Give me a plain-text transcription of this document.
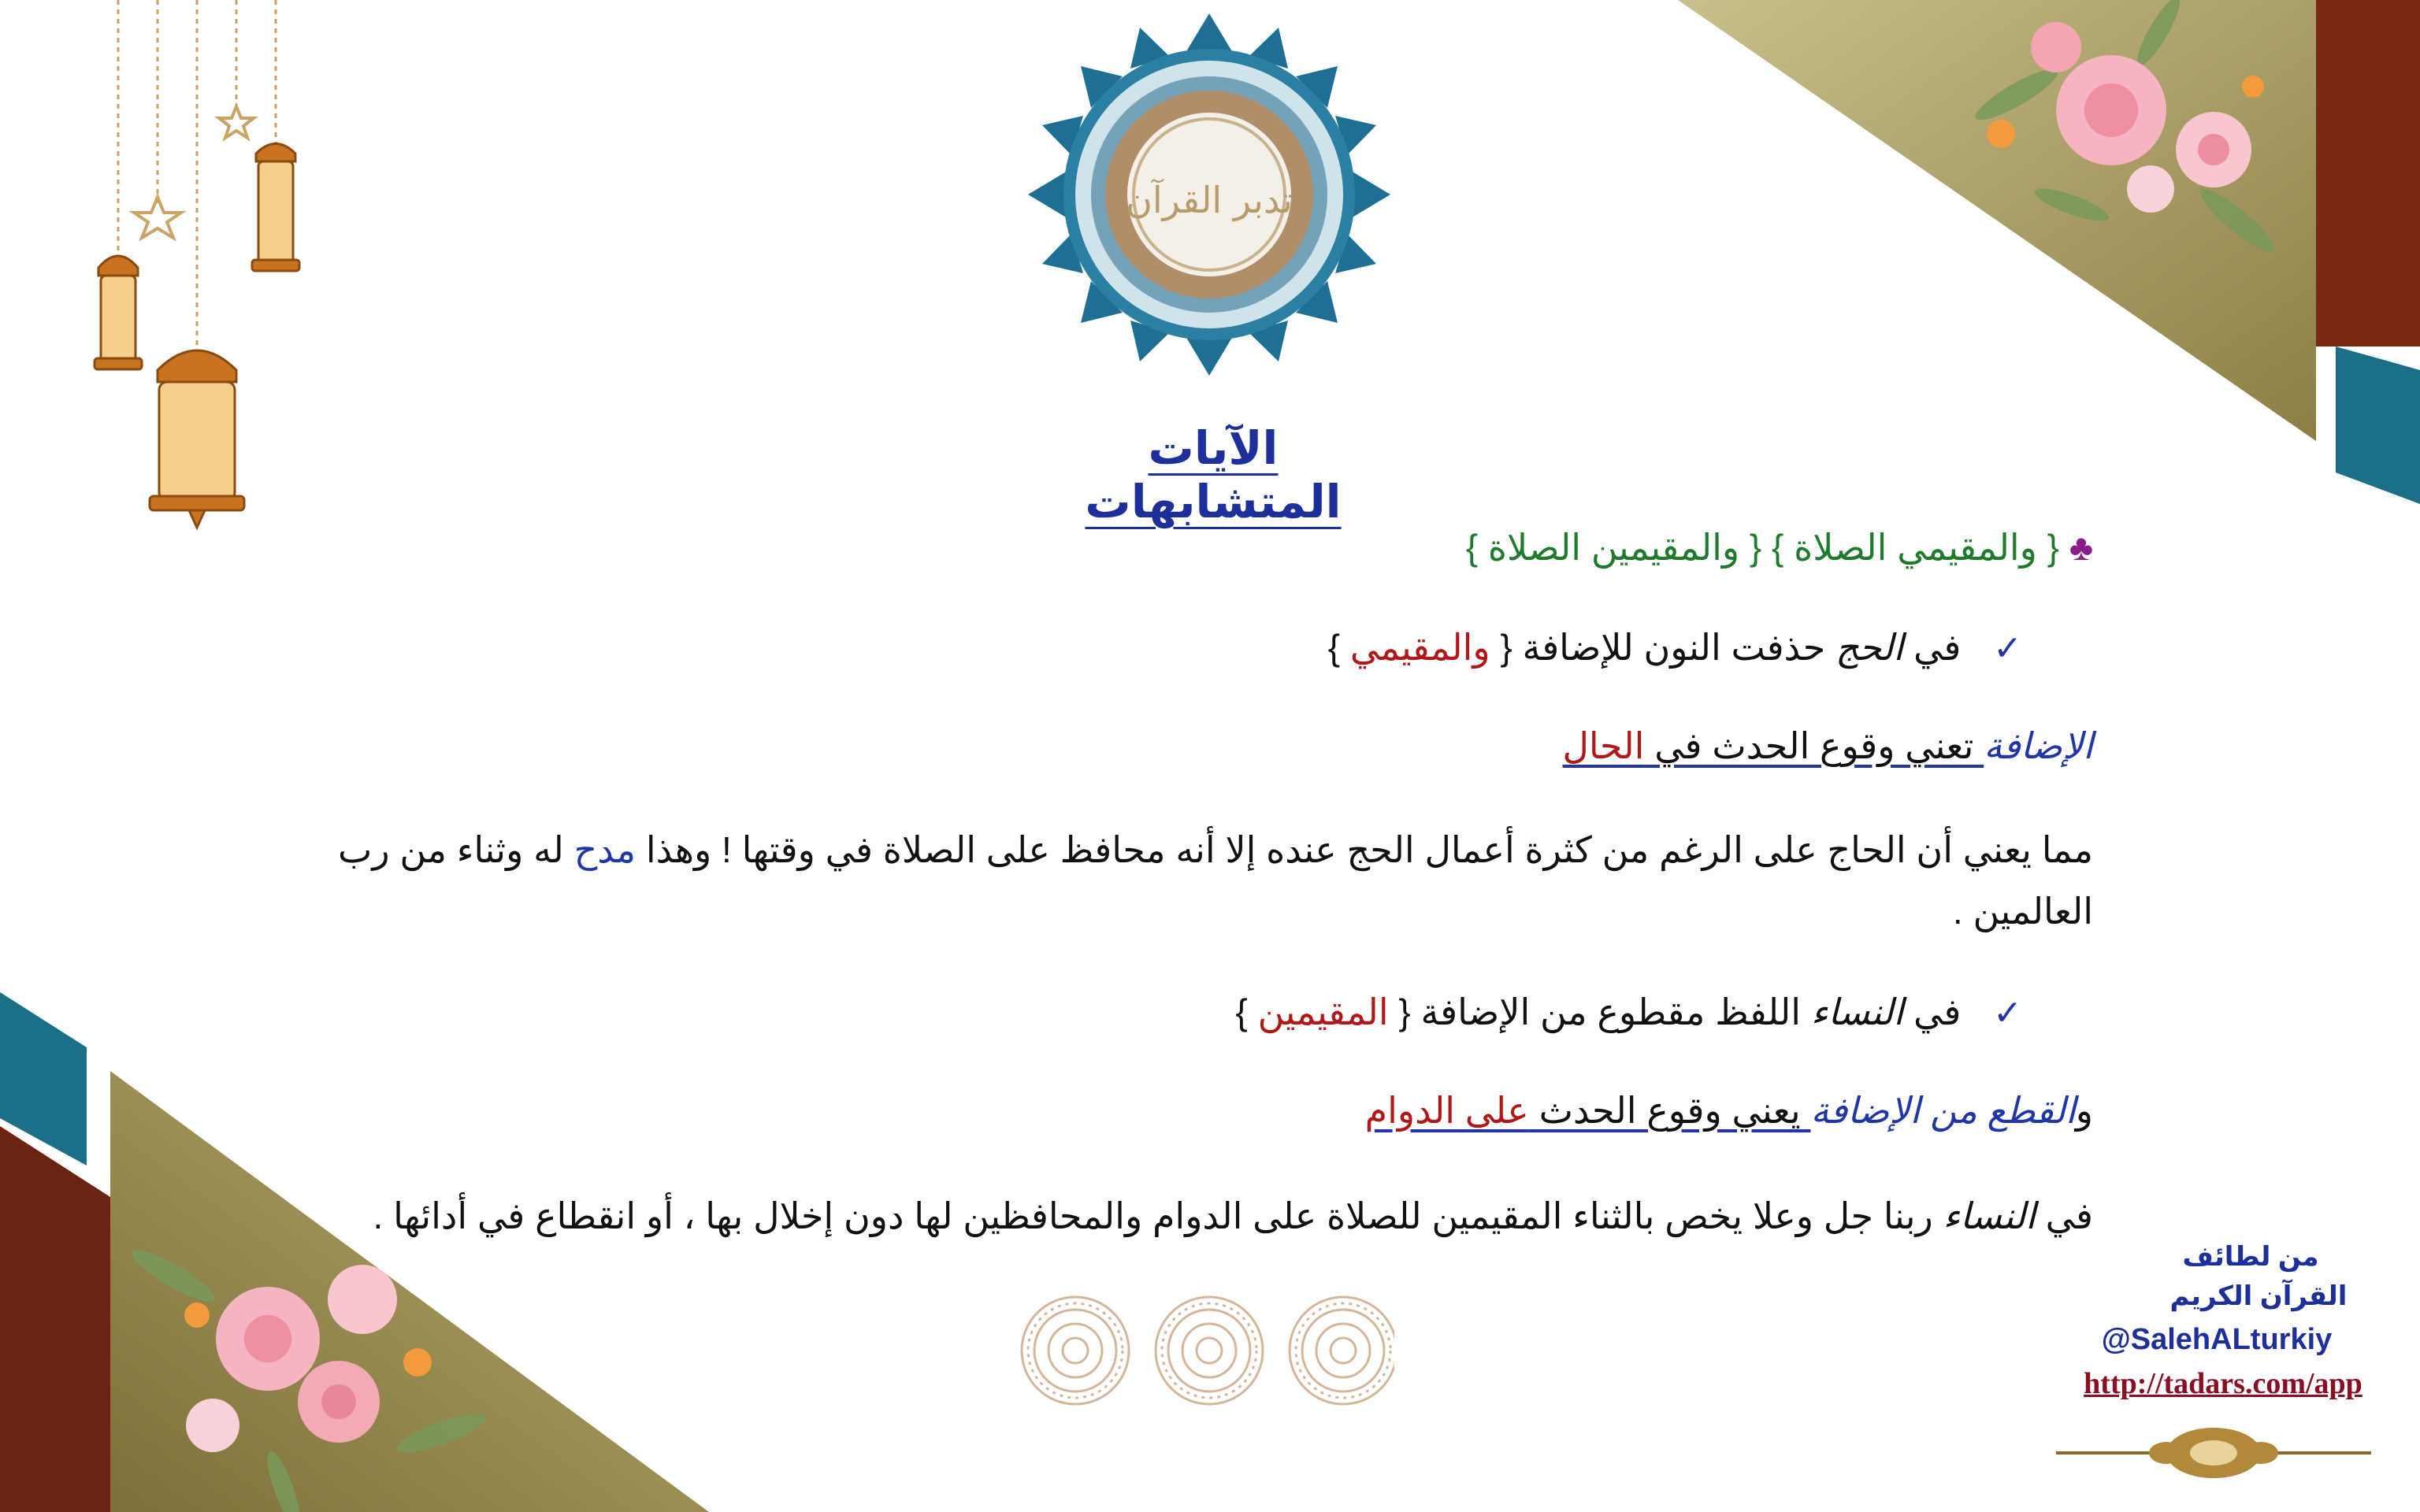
تدبر القرآن
الآيات المتشابهات
♣ { والمقيمي الصلاة } { والمقيمين الصلاة }
✓ في الحج حذفت النون للإضافة { والمقيمي }
الإضافة تعني وقوع الحدث في الحال
مما يعني أن الحاج على الرغم من كثرة أعمال الحج عنده إلا أنه محافظ على الصلاة في وقتها ! وهذا مدح له وثناء من رب العالمين .
✓ في النساء اللفظ مقطوع من الإضافة { المقيمين }
والقطع من الإضافة يعني وقوع الحدث على الدوام
في النساء ربنا جل وعلا يخص بالثناء المقيمين للصلاة على الدوام والمحافظين لها دون إخلال بها ، أو انقطاع في أدائها .
من لطائف
القرآن الكريم
@SalehALturkiy
http://tadars.com/app
